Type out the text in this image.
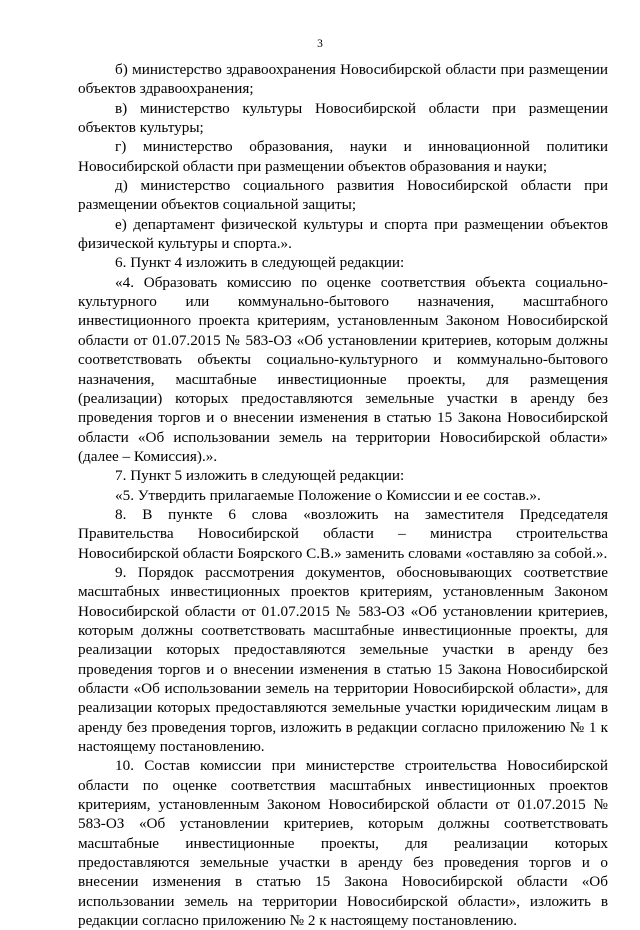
3

б) министерство здравоохранения Новосибирской области при размещении объектов здравоохранения;

в) министерство культуры Новосибирской области при размещении объектов культуры;

г) министерство образования, науки и инновационной политики Новосибирской области при размещении объектов образования и науки;

д) министерство социального развития Новосибирской области при размещении объектов социальной защиты;

е) департамент физической культуры и спорта при размещении объектов физической культуры и спорта.».

6. Пункт 4 изложить в следующей редакции:

«4. Образовать комиссию по оценке соответствия объекта социально-культурного или коммунально-бытового назначения, масштабного инвестиционного проекта критериям, установленным Законом Новосибирской области от 01.07.2015 № 583-ОЗ «Об установлении критериев, которым должны соответствовать объекты социально-культурного и коммунально-бытового назначения, масштабные инвестиционные проекты, для размещения (реализации) которых предоставляются земельные участки в аренду без проведения торгов и о внесении изменения в статью 15 Закона Новосибирской области «Об использовании земель на территории Новосибирской области» (далее – Комиссия).».

7. Пункт 5 изложить в следующей редакции:

«5. Утвердить прилагаемые Положение о Комиссии и ее состав.».

8. В пункте 6 слова «возложить на заместителя Председателя Правительства Новосибирской области – министра строительства Новосибирской области Боярского С.В.» заменить словами «оставляю за собой.».

9. Порядок рассмотрения документов, обосновывающих соответствие масштабных инвестиционных проектов критериям, установленным Законом Новосибирской области от 01.07.2015 № 583-ОЗ «Об установлении критериев, которым должны соответствовать масштабные инвестиционные проекты, для реализации которых предоставляются земельные участки в аренду без проведения торгов и о внесении изменения в статью 15 Закона Новосибирской области «Об использовании земель на территории Новосибирской области», для реализации которых предоставляются земельные участки юридическим лицам в аренду без проведения торгов, изложить в редакции согласно приложению № 1 к настоящему постановлению.

10. Состав комиссии при министерстве строительства Новосибирской области по оценке соответствия масштабных инвестиционных проектов критериям, установленным Законом Новосибирской области от 01.07.2015 № 583-ОЗ «Об установлении критериев, которым должны соответствовать масштабные инвестиционные проекты, для реализации которых предоставляются земельные участки в аренду без проведения торгов и о внесении изменения в статью 15 Закона Новосибирской области «Об использовании земель на территории Новосибирской области», изложить в редакции согласно приложению № 2 к настоящему постановлению.
